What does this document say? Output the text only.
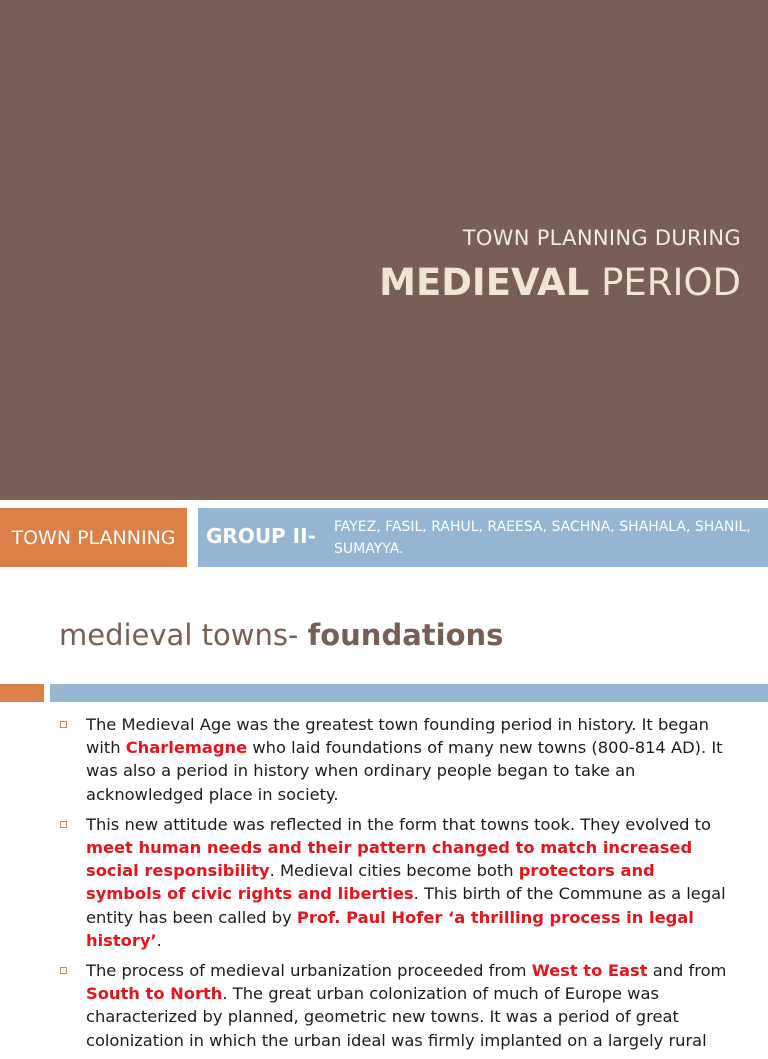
TOWN PLANNING DURING
MEDIEVAL PERIOD
TOWN PLANNING GROUP II- FAYEZ, FASIL, RAHUL, RAEESA, SACHNA, SHAHALA, SHANIL, SUMAYYA.
medieval towns- foundations
The Medieval Age was the greatest town founding period in history. It began with Charlemagne who laid foundations of many new towns (800-814 AD). It was also a period in history when ordinary people began to take an acknowledged place in society.
This new attitude was reflected in the form that towns took. They evolved to meet human needs and their pattern changed to match increased social responsibility. Medieval cities become both protectors and symbols of civic rights and liberties. This birth of the Commune as a legal entity has been called by Prof. Paul Hofer ‘a thrilling process in legal history’.
The process of medieval urbanization proceeded from West to East and from South to North. The great urban colonization of much of Europe was characterized by planned, geometric new towns. It was a period of great colonization in which the urban ideal was firmly implanted on a largely rural
